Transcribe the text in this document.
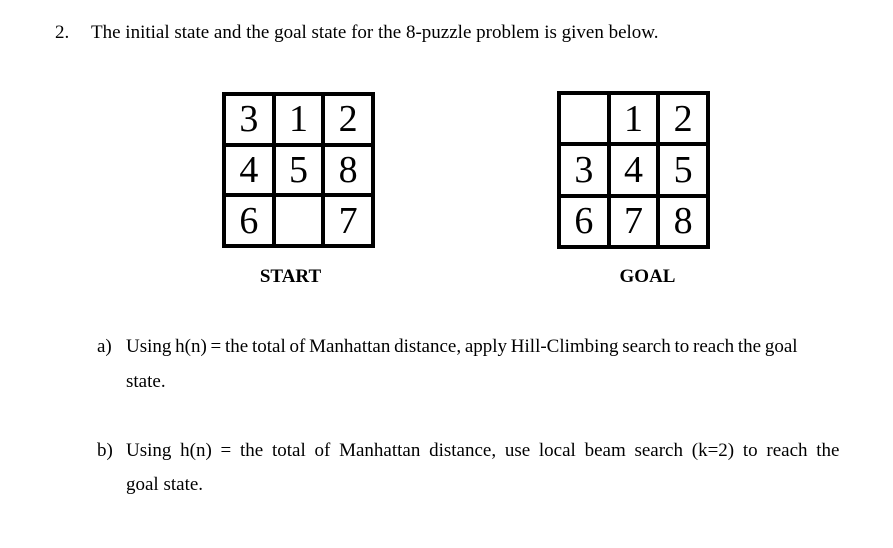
2. The initial state and the goal state for the 8-puzzle problem is given below.
3 1 2
4 5 8
6	7
START
1 2
3 4 5
6 7 8
GOAL
a) Using h(n) = the total of Manhattan distance, apply Hill-Climbing search to reach the goal
state.
b) Using h(n) = the total of Manhattan distance, use local beam search (k=2) to reach the
goal state.
